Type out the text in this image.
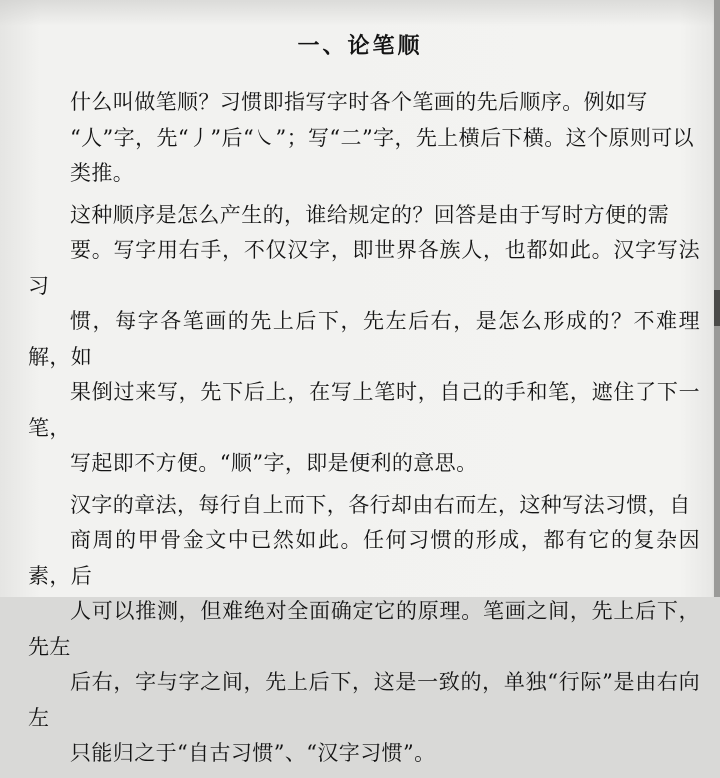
一、论笔顺

什么叫做笔顺？习惯即指写字时各个笔画的先后顺序。例如写
“人”字，先“丿”后“㇏”；写“二”字，先上横后下横。这个原则可以
类推。

这种顺序是怎么产生的，谁给规定的？回答是由于写时方便的需
要。写字用右手，不仅汉字，即世界各族人，也都如此。汉字写法习
惯，每字各笔画的先上后下，先左后右，是怎么形成的？不难理解，如
果倒过来写，先下后上，在写上笔时，自己的手和笔，遮住了下一笔，
写起即不方便。“顺”字，即是便利的意思。

汉字的章法，每行自上而下，各行却由右而左，这种写法习惯，自
商周的甲骨金文中已然如此。任何习惯的形成，都有它的复杂因素，后
人可以推测，但难绝对全面确定它的原理。笔画之间，先上后下，先左
后右，字与字之间，先上后下，这是一致的，单独“行际”是由右向左
只能归之于“自古习惯”、“汉字习惯”。
